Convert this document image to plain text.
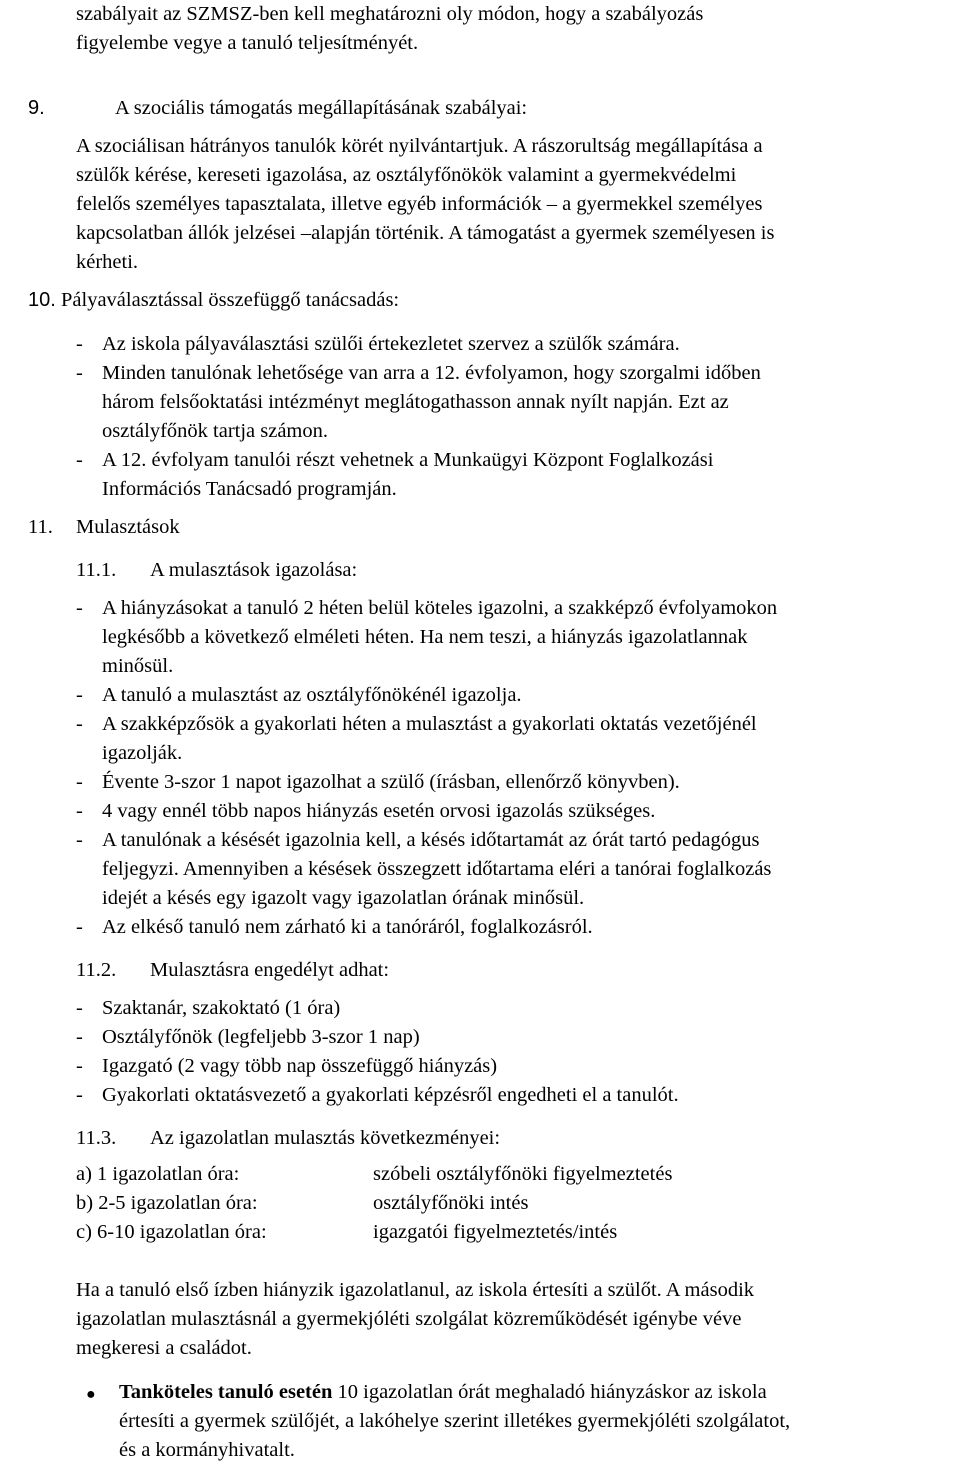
szabályait az SZMSZ-ben kell meghatározni oly módon, hogy a szabályozás

figyelembe vegye a tanuló teljesítményét.

9.	A szociális támogatás megállapításának szabályai:

A szociálisan hátrányos tanulók körét nyilvántartjuk. A rászorultság megállapítása a

szülők kérése, kereseti igazolása, az osztályfőnökök valamint a gyermekvédelmi

felelős személyes tapasztalata, illetve egyéb információk – a gyermekkel személyes

kapcsolatban állók jelzései –alapján történik. A támogatást a gyermek személyesen is

kérheti.

10. Pályaválasztással összefüggő tanácsadás:

- Az iskola pályaválasztási szülői értekezletet szervez a szülők számára.

- Minden tanulónak lehetősége van arra a 12. évfolyamon, hogy szorgalmi időben

három felsőoktatási intézményt meglátogathasson annak nyílt napján. Ezt az

osztályfőnök tartja számon.

- A 12. évfolyam tanulói részt vehetnek a Munkaügyi Központ Foglalkozási

Információs Tanácsadó programján.

11. Mulasztások

11.1. A mulasztások igazolása:

- A hiányzásokat a tanuló 2 héten belül köteles igazolni, a szakképző évfolyamokon

legkésőbb a következő elméleti héten. Ha nem teszi, a hiányzás igazolatlannak

minősül.

- A tanuló a mulasztást az osztályfőnökénél igazolja.

- A szakképzősök a gyakorlati héten a mulasztást a gyakorlati oktatás vezetőjénél

igazolják.

- Évente 3-szor 1 napot igazolhat a szülő (írásban, ellenőrző könyvben).

- 4 vagy ennél több napos hiányzás esetén orvosi igazolás szükséges.

- A tanulónak a késését igazolnia kell, a késés időtartamát az órát tartó pedagógus

feljegyzi. Amennyiben a késések összegzett időtartama eléri a tanórai foglalkozás

idejét a késés egy igazolt vagy igazolatlan órának minősül.

- Az elkéső tanuló nem zárható ki a tanóráról, foglalkozásról.

11.2. Mulasztásra engedélyt adhat:

- Szaktanár, szakoktató (1 óra)

- Osztályfőnök (legfeljebb 3-szor 1 nap)

- Igazgató (2 vagy több nap összefüggő hiányzás)

- Gyakorlati oktatásvezető a gyakorlati képzésről engedheti el a tanulót.

11.3. Az igazolatlan mulasztás következményei:

a) 1 igazolatlan óra:	szóbeli osztályfőnöki figyelmeztetés
b) 2-5 igazolatlan óra:	osztályfőnöki intés
c) 6-10 igazolatlan óra:	igazgatói figyelmeztetés/intés

Ha a tanuló első ízben hiányzik igazolatlanul, az iskola értesíti a szülőt. A második

igazolatlan mulasztásnál a gyermekjóléti szolgálat közreműködését igénybe véve

megkeresi a családot.

● Tanköteles tanuló esetén 10 igazolatlan órát meghaladó hiányzáskor az iskola

értesíti a gyermek szülőjét, a lakóhelye szerint illetékes gyermekjóléti szolgálatot,

és a kormányhivatalt.
